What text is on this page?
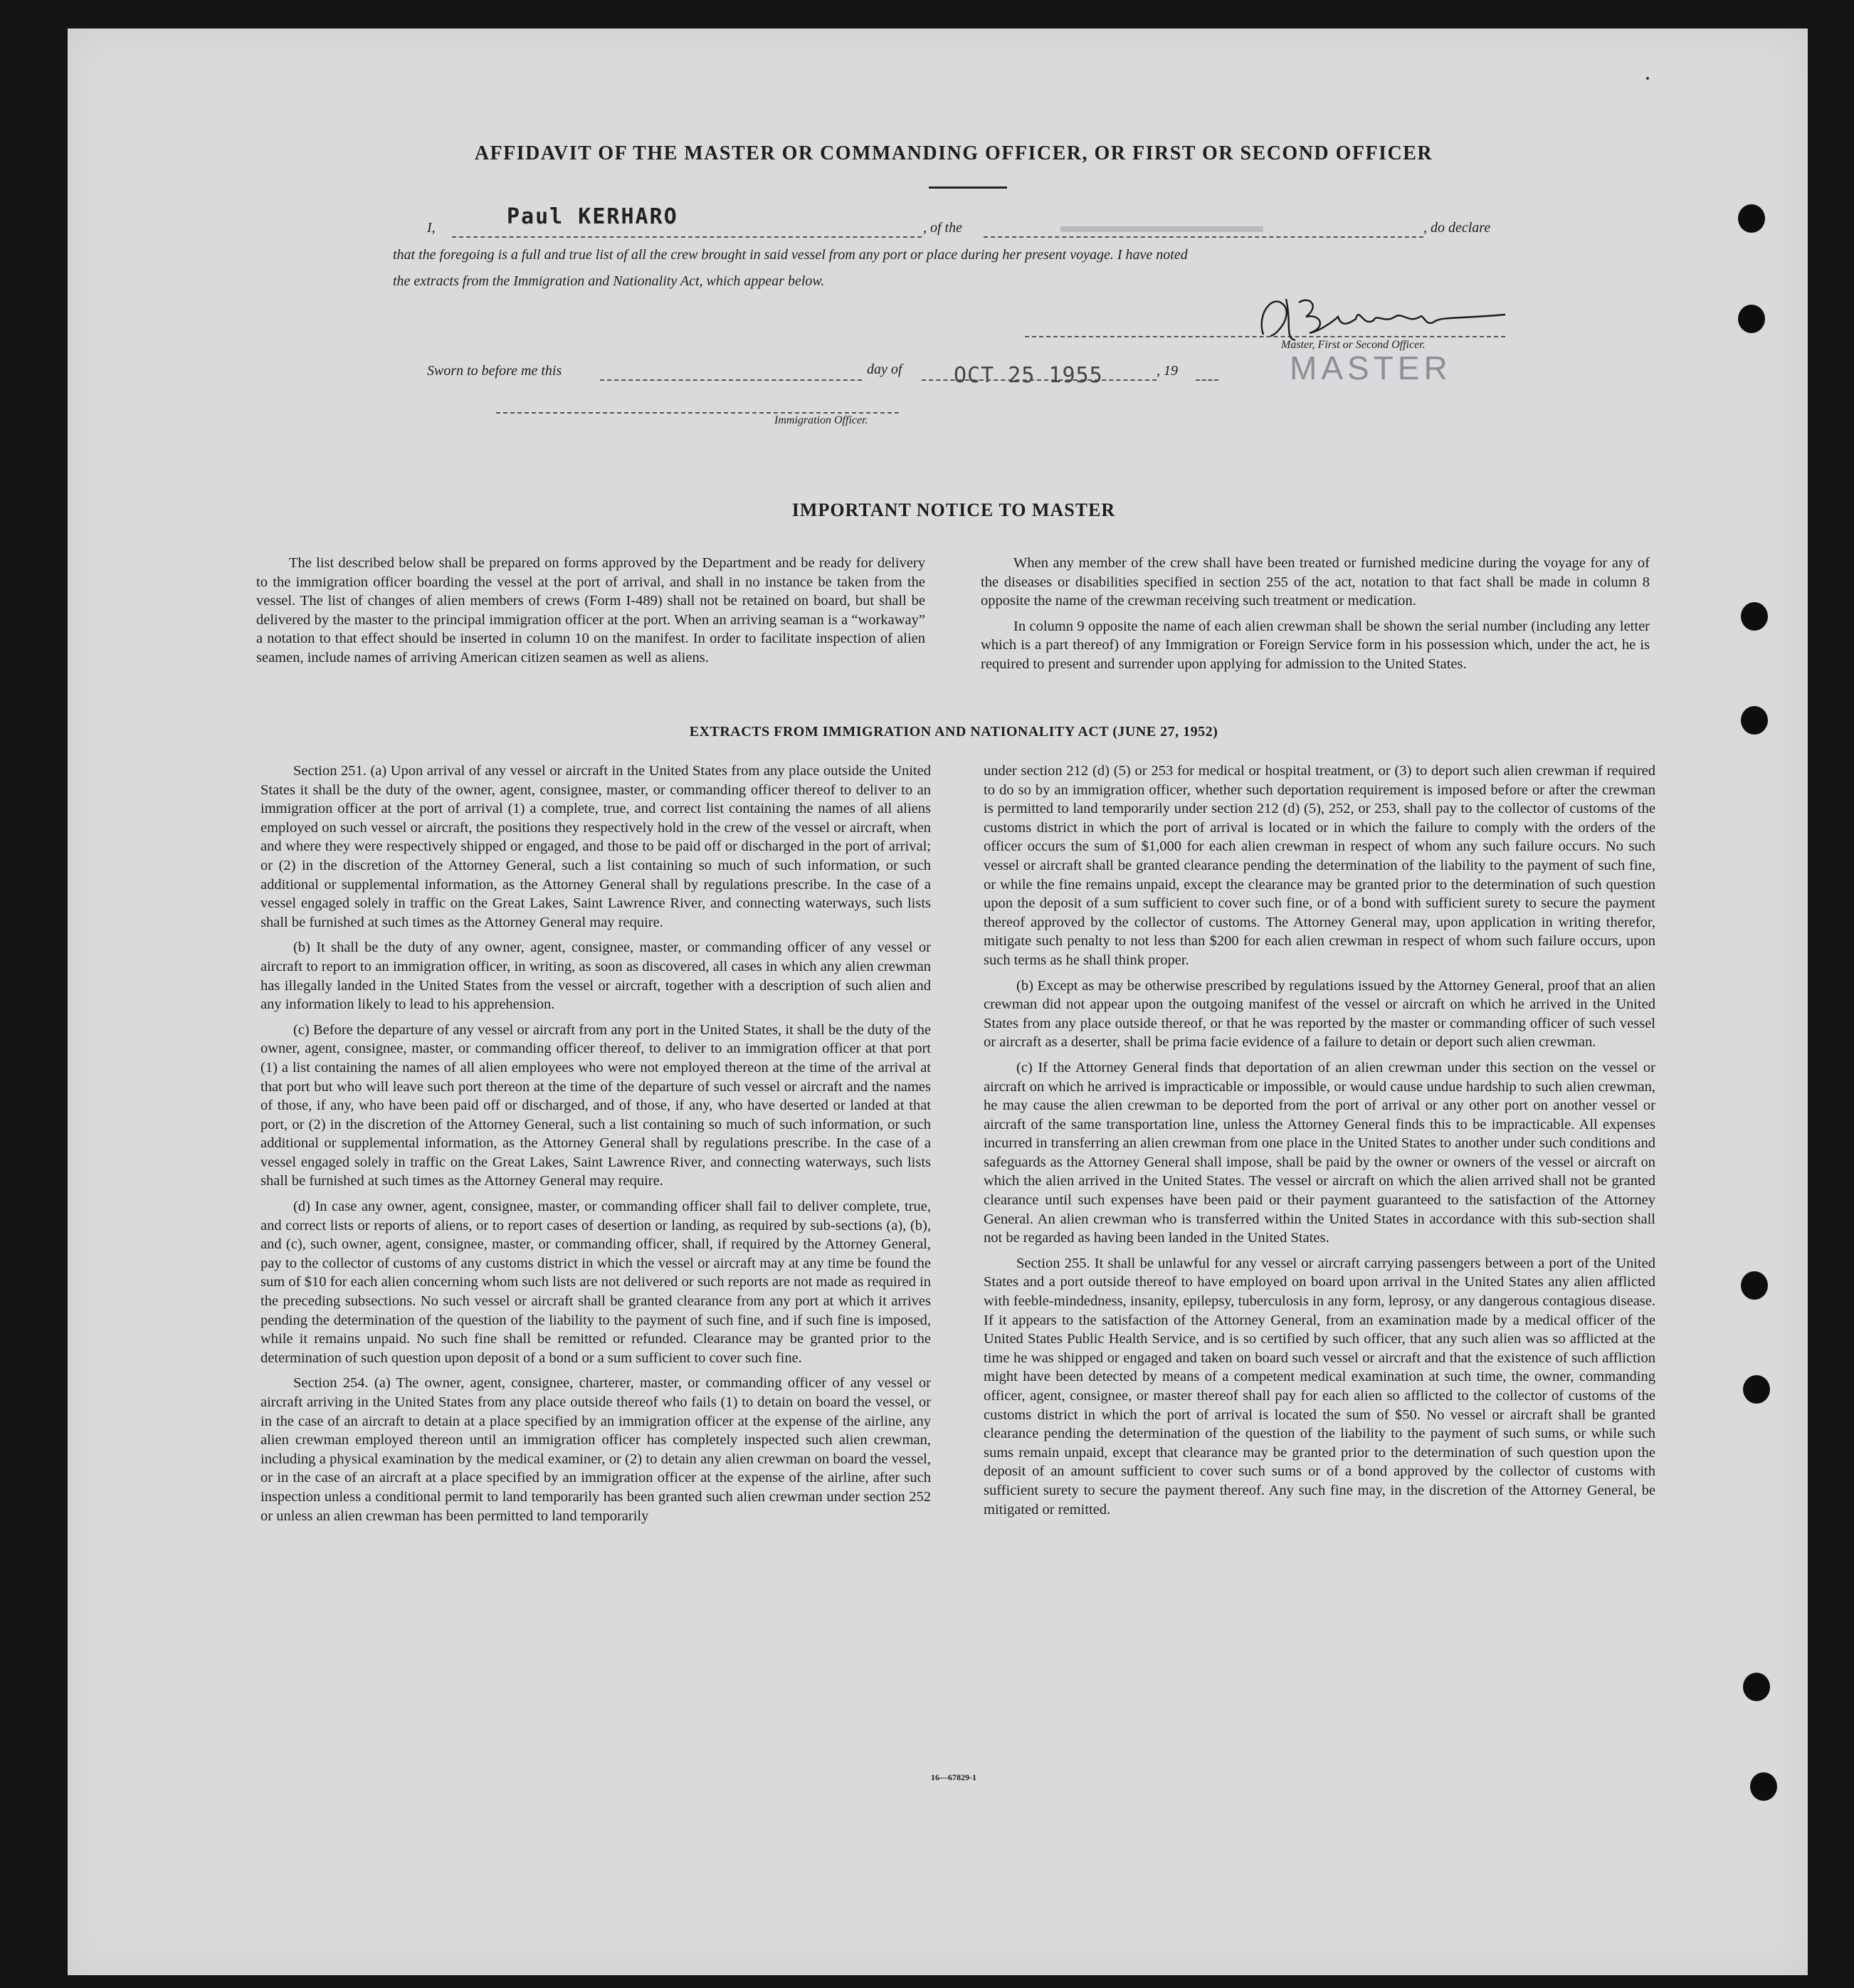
AFFIDAVIT OF THE MASTER OR COMMANDING OFFICER, OR FIRST OR SECOND OFFICER
I,	Paul KERHARO	, of the	, do declare
that the foregoing is a full and true list of all the crew brought in said vessel from any port or place during her present voyage. I have noted
the extracts from the Immigration and Nationality Act, which appear below.
Master, First or Second Officer.
MASTER
Sworn to before me this	day of OCT 25 1955	, 19
Immigration Officer.
IMPORTANT NOTICE TO MASTER

The list described below shall be prepared on forms approved by the Department and be ready for delivery to the immigration officer boarding the vessel at the port of arrival, and shall in no instance be taken from the vessel. The list of changes of alien members of crews (Form I-489) shall not be retained on board, but shall be delivered by the master to the principal immigration officer at the port. When an arriving seaman is a “workaway” a notation to that effect should be inserted in column 10 on the manifest. In order to facilitate inspection of alien seamen, include names of arriving American citizen seamen as well as aliens.

When any member of the crew shall have been treated or furnished medicine during the voyage for any of the diseases or disabilities specified in section 255 of the act, notation to that fact shall be made in column 8 opposite the name of the crewman receiving such treatment or medication.

In column 9 opposite the name of each alien crewman shall be shown the serial number (including any letter which is a part thereof) of any Immigration or Foreign Service form in his possession which, under the act, he is required to present and surrender upon applying for admission to the United States.

EXTRACTS FROM IMMIGRATION AND NATIONALITY ACT (JUNE 27, 1952)

Section 251. (a) Upon arrival of any vessel or aircraft in the United States from any place outside the United States it shall be the duty of the owner, agent, consignee, master, or commanding officer thereof to deliver to an immigration officer at the port of arrival (1) a complete, true, and correct list containing the names of all aliens employed on such vessel or aircraft, the positions they respectively hold in the crew of the vessel or aircraft, when and where they were respectively shipped or engaged, and those to be paid off or discharged in the port of arrival; or (2) in the discretion of the Attorney General, such a list containing so much of such information, or such additional or supplemental information, as the Attorney General shall by regulations prescribe. In the case of a vessel engaged solely in traffic on the Great Lakes, Saint Lawrence River, and connecting waterways, such lists shall be furnished at such times as the Attorney General may require.

(b) It shall be the duty of any owner, agent, consignee, master, or commanding officer of any vessel or aircraft to report to an immigration officer, in writing, as soon as discovered, all cases in which any alien crewman has illegally landed in the United States from the vessel or aircraft, together with a description of such alien and any information likely to lead to his apprehension.

(c) Before the departure of any vessel or aircraft from any port in the United States, it shall be the duty of the owner, agent, consignee, master, or commanding officer thereof, to deliver to an immigration officer at that port (1) a list containing the names of all alien employees who were not employed thereon at the time of the arrival at that port but who will leave such port thereon at the time of the departure of such vessel or aircraft and the names of those, if any, who have been paid off or discharged, and of those, if any, who have deserted or landed at that port, or (2) in the discretion of the Attorney General, such a list containing so much of such information, or such additional or supplemental information, as the Attorney General shall by regulations prescribe. In the case of a vessel engaged solely in traffic on the Great Lakes, Saint Lawrence River, and connecting waterways, such lists shall be furnished at such times as the Attorney General may require.

(d) In case any owner, agent, consignee, master, or commanding officer shall fail to deliver complete, true, and correct lists or reports of aliens, or to report cases of desertion or landing, as required by sub-sections (a), (b), and (c), such owner, agent, consignee, master, or commanding officer, shall, if required by the Attorney General, pay to the collector of customs of any customs district in which the vessel or aircraft may at any time be found the sum of $10 for each alien concerning whom such lists are not delivered or such reports are not made as required in the preceding subsections. No such vessel or aircraft shall be granted clearance from any port at which it arrives pending the determination of the question of the liability to the payment of such fine, and if such fine is imposed, while it remains unpaid. No such fine shall be remitted or refunded. Clearance may be granted prior to the determination of such question upon deposit of a bond or a sum sufficient to cover such fine.

Section 254. (a) The owner, agent, consignee, charterer, master, or commanding officer of any vessel or aircraft arriving in the United States from any place outside thereof who fails (1) to detain on board the vessel, or in the case of an aircraft to detain at a place specified by an immigration officer at the expense of the airline, any alien crewman employed thereon until an immigration officer has completely inspected such alien crewman, including a physical examination by the medical examiner, or (2) to detain any alien crewman on board the vessel, or in the case of an aircraft at a place specified by an immigration officer at the expense of the airline, after such inspection unless a conditional permit to land temporarily has been granted such alien crewman under section 252 or unless an alien crewman has been permitted to land temporarily

under section 212 (d) (5) or 253 for medical or hospital treatment, or (3) to deport such alien crewman if required to do so by an immigration officer, whether such deportation requirement is imposed before or after the crewman is permitted to land temporarily under section 212 (d) (5), 252, or 253, shall pay to the collector of customs of the customs district in which the port of arrival is located or in which the failure to comply with the orders of the officer occurs the sum of $1,000 for each alien crewman in respect of whom any such failure occurs. No such vessel or aircraft shall be granted clearance pending the determination of the liability to the payment of such fine, or while the fine remains unpaid, except the clearance may be granted prior to the determination of such question upon the deposit of a sum sufficient to cover such fine, or of a bond with sufficient surety to secure the payment thereof approved by the collector of customs. The Attorney General may, upon application in writing therefor, mitigate such penalty to not less than $200 for each alien crewman in respect of whom such failure occurs, upon such terms as he shall think proper.

(b) Except as may be otherwise prescribed by regulations issued by the Attorney General, proof that an alien crewman did not appear upon the outgoing manifest of the vessel or aircraft on which he arrived in the United States from any place outside thereof, or that he was reported by the master or commanding officer of such vessel or aircraft as a deserter, shall be prima facie evidence of a failure to detain or deport such alien crewman.

(c) If the Attorney General finds that deportation of an alien crewman under this section on the vessel or aircraft on which he arrived is impracticable or impossible, or would cause undue hardship to such alien crewman, he may cause the alien crewman to be deported from the port of arrival or any other port on another vessel or aircraft of the same transportation line, unless the Attorney General finds this to be impracticable. All expenses incurred in transferring an alien crewman from one place in the United States to another under such conditions and safeguards as the Attorney General shall impose, shall be paid by the owner or owners of the vessel or aircraft on which the alien arrived in the United States. The vessel or aircraft on which the alien arrived shall not be granted clearance until such expenses have been paid or their payment guaranteed to the satisfaction of the Attorney General. An alien crewman who is transferred within the United States in accordance with this sub-section shall not be regarded as having been landed in the United States.

Section 255. It shall be unlawful for any vessel or aircraft carrying passengers between a port of the United States and a port outside thereof to have employed on board upon arrival in the United States any alien afflicted with feeble-mindedness, insanity, epilepsy, tuberculosis in any form, leprosy, or any dangerous contagious disease. If it appears to the satisfaction of the Attorney General, from an examination made by a medical officer of the United States Public Health Service, and is so certified by such officer, that any such alien was so afflicted at the time he was shipped or engaged and taken on board such vessel or aircraft and that the existence of such affliction might have been detected by means of a competent medical examination at such time, the owner, commanding officer, agent, consignee, or master thereof shall pay for each alien so afflicted to the collector of customs of the customs district in which the port of arrival is located the sum of $50. No vessel or aircraft shall be granted clearance pending the determination of the question of the liability to the payment of such sums, or while such sums remain unpaid, except that clearance may be granted prior to the determination of such question upon the deposit of an amount sufficient to cover such sums or of a bond approved by the collector of customs with sufficient surety to secure the payment thereof. Any such fine may, in the discretion of the Attorney General, be mitigated or remitted.

16—67829-1
